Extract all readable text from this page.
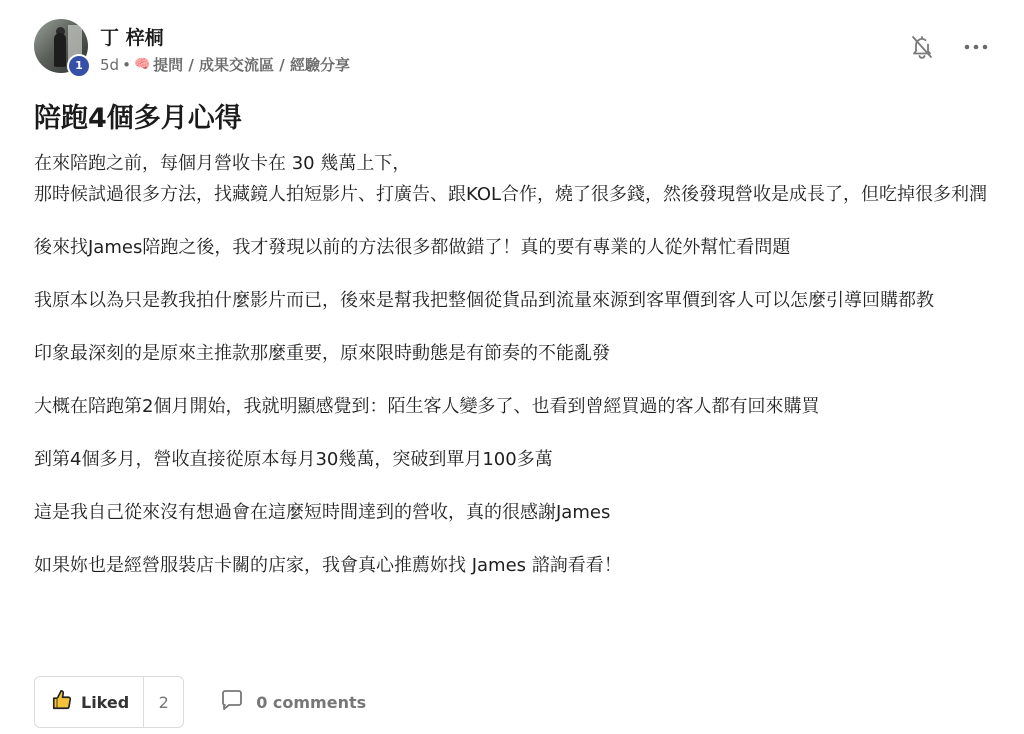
1
丁 梓桐
5d • 🧠 提問 / 成果交流區 / 經驗分享
陪跑4個多月心得

在來陪跑之前，每個月營收卡在 30 幾萬上下，
那時候試過很多方法，找藏鏡人拍短影片、打廣告、跟KOL合作，燒了很多錢，然後發現營收是成長了，但吃掉很多利潤

後來找James陪跑之後，我才發現以前的方法很多都做錯了！真的要有專業的人從外幫忙看問題

我原本以為只是教我拍什麼影片而已，後來是幫我把整個從貨品到流量來源到客單價到客人可以怎麼引導回購都教

印象最深刻的是原來主推款那麼重要，原來限時動態是有節奏的不能亂發

大概在陪跑第2個月開始，我就明顯感覺到：陌生客人變多了、也看到曾經買過的客人都有回來購買

到第4個多月，營收直接從原本每月30幾萬，突破到單月100多萬

這是我自己從來沒有想過會在這麼短時間達到的營收，真的很感謝James

如果妳也是經營服裝店卡關的店家，我會真心推薦妳找 James 諮詢看看！

Liked	2	0 comments
